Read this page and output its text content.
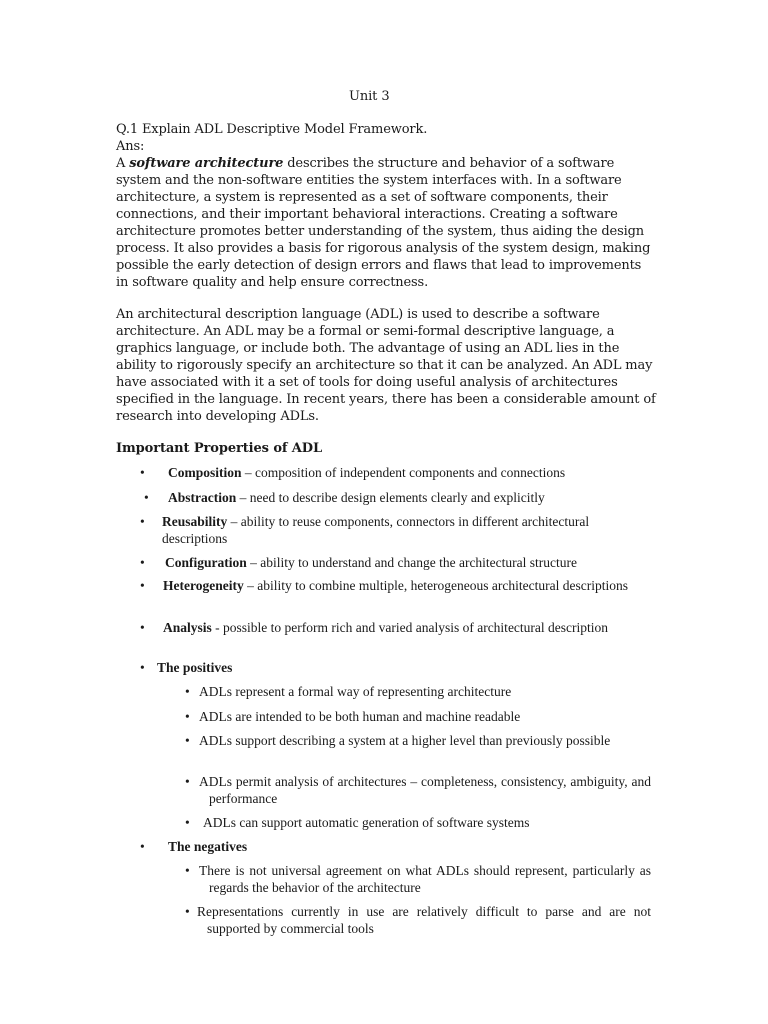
Unit 3
Q.1 Explain ADL Descriptive Model Framework.
Ans:
A software architecture describes the structure and behavior of a software system and the non-software entities the system interfaces with. In a software architecture, a system is represented as a set of software components, their connections, and their important behavioral interactions. Creating a software architecture promotes better understanding of the system, thus aiding the design process. It also provides a basis for rigorous analysis of the system design, making possible the early detection of design errors and flaws that lead to improvements in software quality and help ensure correctness.
An architectural description language (ADL) is used to describe a software architecture. An ADL may be a formal or semi-formal descriptive language, a graphics language, or include both. The advantage of using an ADL lies in the ability to rigorously specify an architecture so that it can be analyzed. An ADL may have associated with it a set of tools for doing useful analysis of architectures specified in the language. In recent years, there has been a considerable amount of research into developing ADLs.
Important Properties of ADL
•	Composition – composition of independent components and connections
•	Abstraction – need to describe design elements clearly and explicitly
•	Reusability – ability to reuse components, connectors in different architectural descriptions
•	Configuration – ability to understand and change the architectural structure
• Heterogeneity – ability to combine multiple, heterogeneous architectural descriptions
• Analysis - possible to perform rich and varied analysis of architectural description
• The positives
• ADLs represent a formal way of representing architecture
• ADLs are intended to be both human and machine readable
• ADLs support describing a system at a higher level than previously possible
• ADLs permit analysis of architectures – completeness, consistency, ambiguity, and performance
• ADLs can support automatic generation of software systems
•	The negatives
• There is not universal agreement on what ADLs should represent, particularly as regards the behavior of the architecture
• Representations currently in use are relatively difficult to parse and are not supported by commercial tools
